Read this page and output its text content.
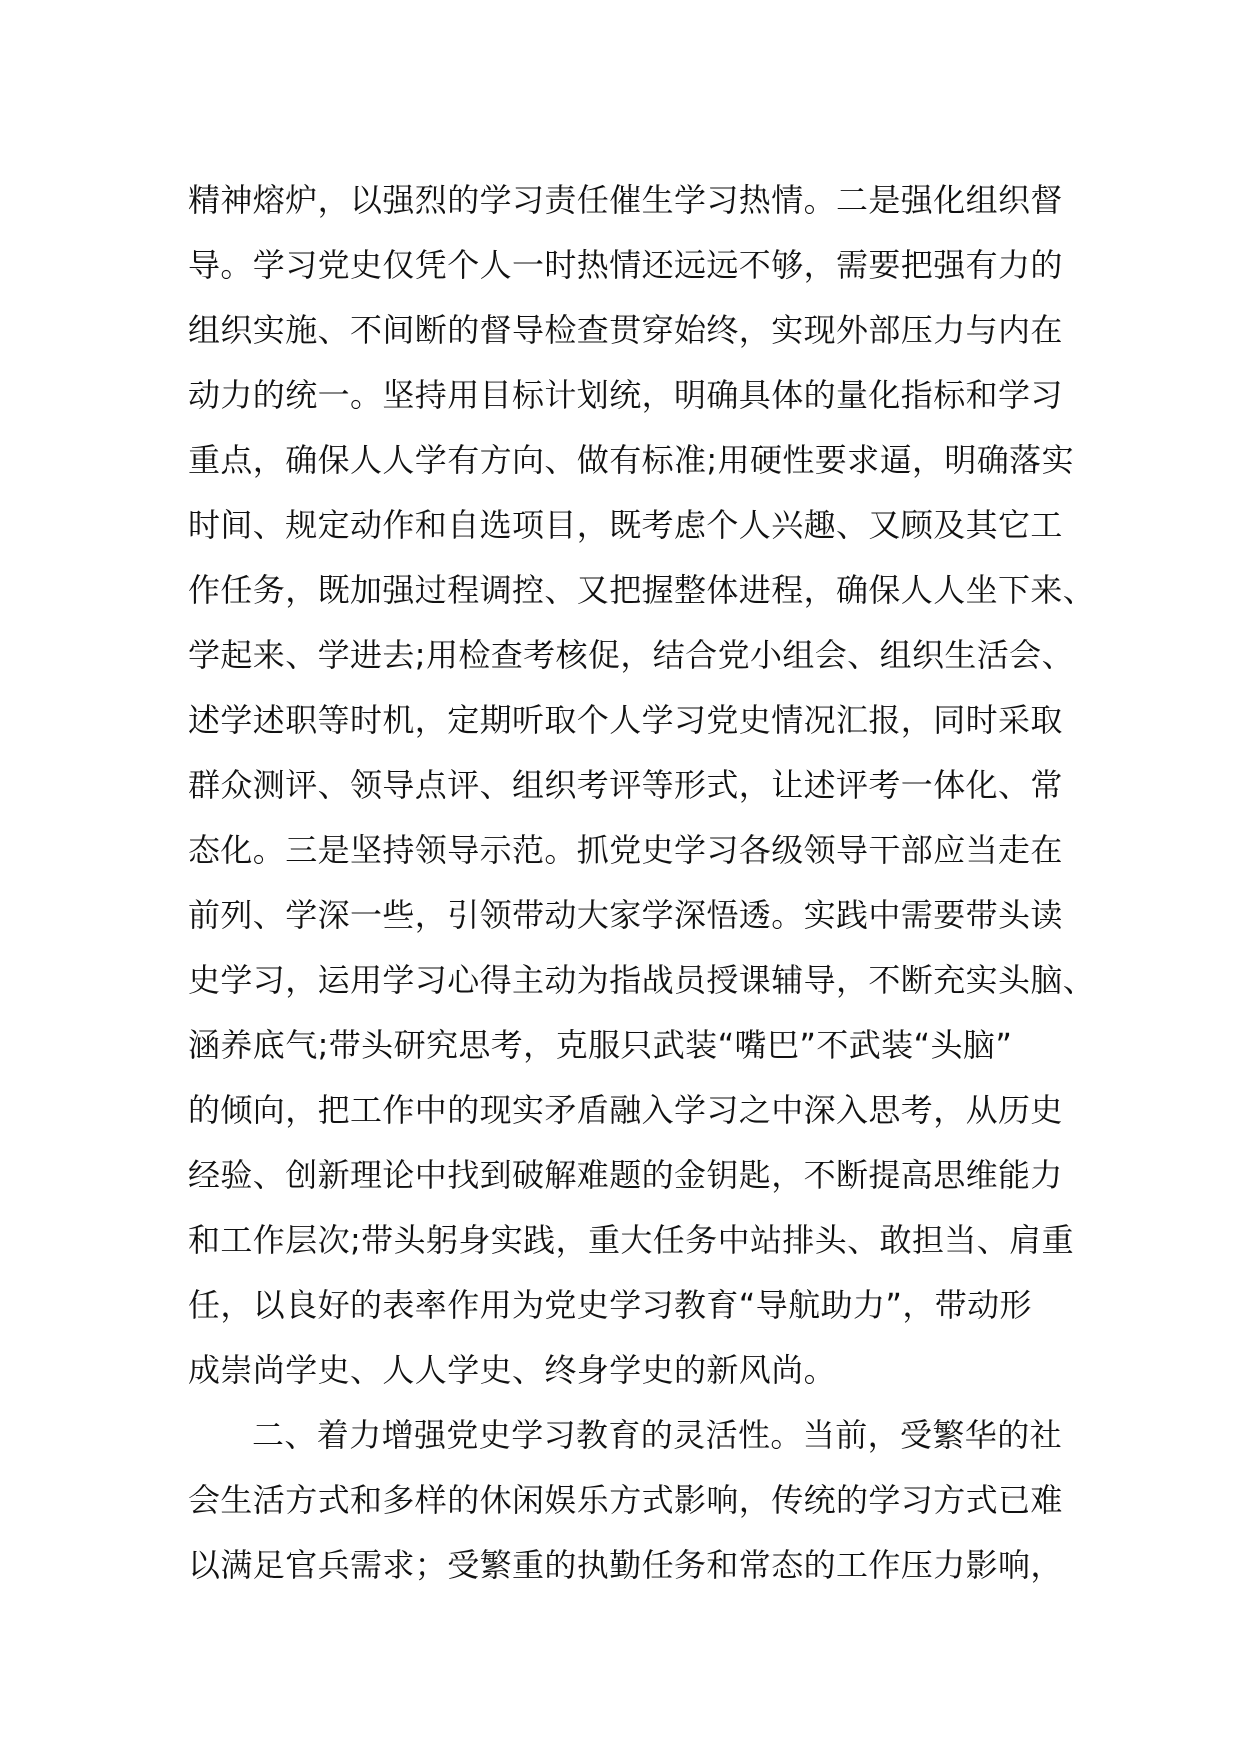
精神熔炉，以强烈的学习责任催生学习热情。二是强化组织督
导。学习党史仅凭个人一时热情还远远不够，需要把强有力的
组织实施、不间断的督导检查贯穿始终，实现外部压力与内在
动力的统一。坚持用目标计划统，明确具体的量化指标和学习
重点，确保人人学有方向、做有标准;用硬性要求逼，明确落实
时间、规定动作和自选项目，既考虑个人兴趣、又顾及其它工
作任务，既加强过程调控、又把握整体进程，确保人人坐下来、
学起来、学进去;用检查考核促，结合党小组会、组织生活会、
述学述职等时机，定期听取个人学习党史情况汇报，同时采取
群众测评、领导点评、组织考评等形式，让述评考一体化、常
态化。三是坚持领导示范。抓党史学习各级领导干部应当走在
前列、学深一些，引领带动大家学深悟透。实践中需要带头读
史学习，运用学习心得主动为指战员授课辅导，不断充实头脑、
涵养底气;带头研究思考，克服只武装“嘴巴”不武装“头脑”
的倾向，把工作中的现实矛盾融入学习之中深入思考，从历史
经验、创新理论中找到破解难题的金钥匙，不断提高思维能力
和工作层次;带头躬身实践，重大任务中站排头、敢担当、肩重
任，以良好的表率作用为党史学习教育“导航助力”，带动形
成崇尚学史、人人学史、终身学史的新风尚。
二、着力增强党史学习教育的灵活性。当前，受繁华的社
会生活方式和多样的休闲娱乐方式影响，传统的学习方式已难
以满足官兵需求；受繁重的执勤任务和常态的工作压力影响，
